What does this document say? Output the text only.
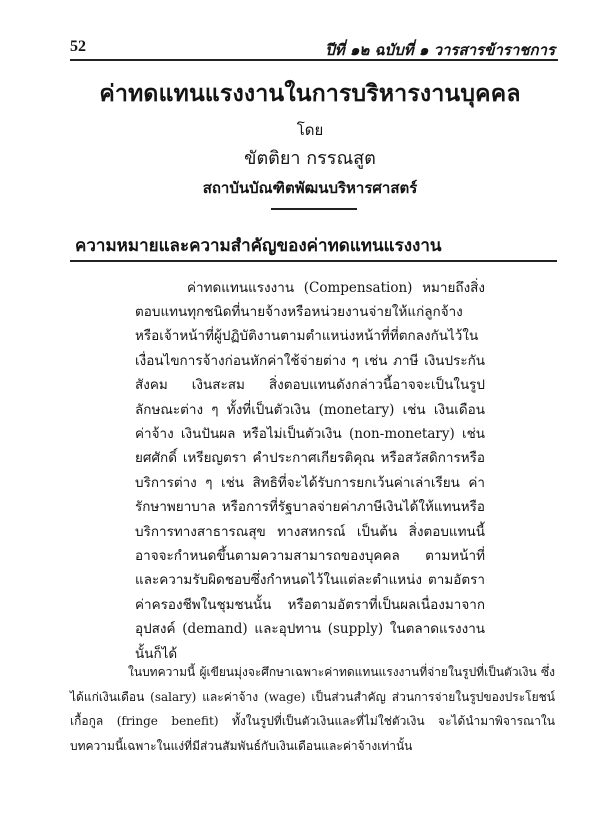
52	ปีที่ ๑๒ ฉบับที่ ๑ วารสารข้าราชการ
ค่าทดแทนแรงงานในการบริหารงานบุคคล
โดย
ขัตติยา กรรณสูต
สถาบันบัณฑิตพัฒนบริหารศาสตร์
ความหมายและความสำคัญของค่าทดแทนแรงงาน

ค่าทดแทนแรงงาน (Compensation) หมายถึงสิ่งตอบแทนทุกชนิดที่นายจ้างหรือหน่วยงานจ่ายให้แก่ลูกจ้างหรือเจ้าหน้าที่ผู้ปฏิบัติงานตามตำแหน่งหน้าที่ที่ตกลงกันไว้ในเงื่อนไขการจ้างก่อนหักค่าใช้จ่ายต่าง ๆ เช่น ภาษี เงินประกันสังคม เงินสะสม สิ่งตอบแทนดังกล่าวนี้อาจจะเป็นในรูปลักษณะต่าง ๆ ทั้งที่เป็นตัวเงิน (monetary) เช่น เงินเดือน ค่าจ้าง เงินปันผล หรือไม่เป็นตัวเงิน (non-monetary) เช่น ยศศักดิ์ เหรียญตรา คำประกาศเกียรติคุณ หรือสวัสดิการหรือบริการต่าง ๆ เช่น สิทธิที่จะได้รับการยกเว้นค่าเล่าเรียน ค่ารักษาพยาบาล หรือการที่รัฐบาลจ่ายค่าภาษีเงินได้ให้แทนหรือบริการทางสาธารณสุข ทางสหกรณ์ เป็นต้น สิ่งตอบแทนนี้อาจจะกำหนดขึ้นตามความสามารถของบุคคล ตามหน้าที่และความรับผิดชอบซึ่งกำหนดไว้ในแต่ละตำแหน่ง ตามอัตราค่าครองชีพในชุมชนนั้น หรือตามอัตราที่เป็นผลเนื่องมาจากอุปสงค์ (demand) และอุปทาน (supply) ในตลาดแรงงานนั้นก็ได้

ในบทความนี้ ผู้เขียนมุ่งจะศึกษาเฉพาะค่าทดแทนแรงงานที่จ่ายในรูปที่เป็นตัวเงิน ซึ่งได้แก่เงินเดือน (salary) และค่าจ้าง (wage) เป็นส่วนสำคัญ ส่วนการจ่ายในรูปของประโยชน์เกื้อกูล (fringe benefit) ทั้งในรูปที่เป็นตัวเงินและที่ไม่ใช่ตัวเงิน จะได้นำมาพิจารณาในบทความนี้เฉพาะในแง่ที่มีส่วนสัมพันธ์กับเงินเดือนและค่าจ้างเท่านั้น
